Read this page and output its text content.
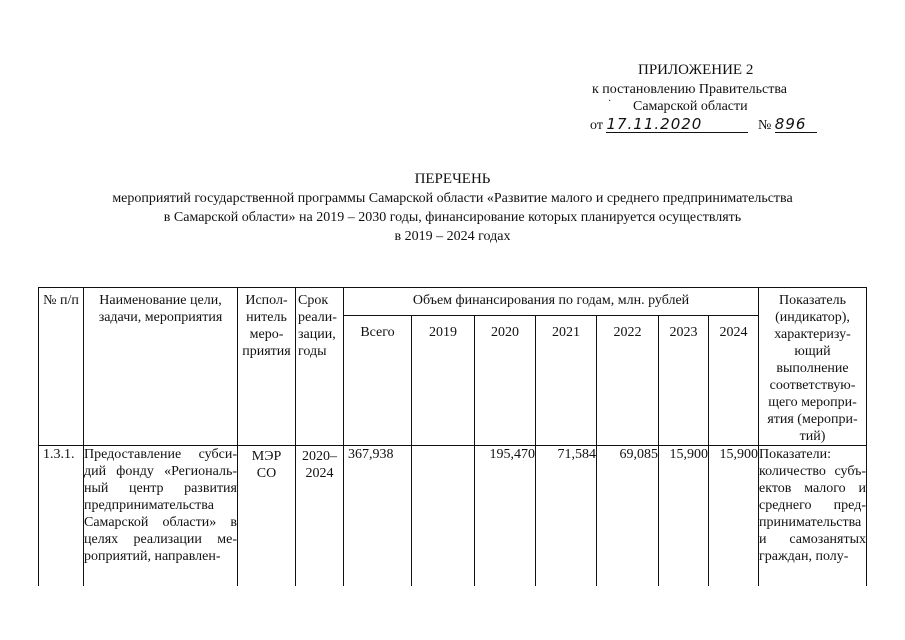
ПРИЛОЖЕНИЕ 2
к постановлению Правительства
Самарской области
от 17.11.2020	№ 896
·
ПЕРЕЧЕНЬ
мероприятий государственной программы Самарской области «Развитие малого и среднего предпринимательства
в Самарской области» на 2019 – 2030 годы, финансирование которых планируется осуществлять
в 2019 – 2024 годах
№ п/п	Наименование цели, задачи, мероприятия	Испол-нитель меро-приятия	Срок реали-зации, годы	Объем финансирования по годам, млн. рублей							Показатель (индикатор), характеризу-ющий выполнение соответствую-щего меропри-ятия (меропри-тий)
				Всего	2019	2020	2021	2022	2023	2024	
1.3.1.	Предоставление субси-дий фонду «Региональ-ный центр развития предпринимательства Самарской области» в целях реализации ме-роприятий, направлен-	МЭР СО	2020–2024	367,938		195,470	71,584	69,085	15,900	15,900	Показатели: количество субъ-ектов малого и среднего пред-принимательства и самозанятых граждан, полу-
